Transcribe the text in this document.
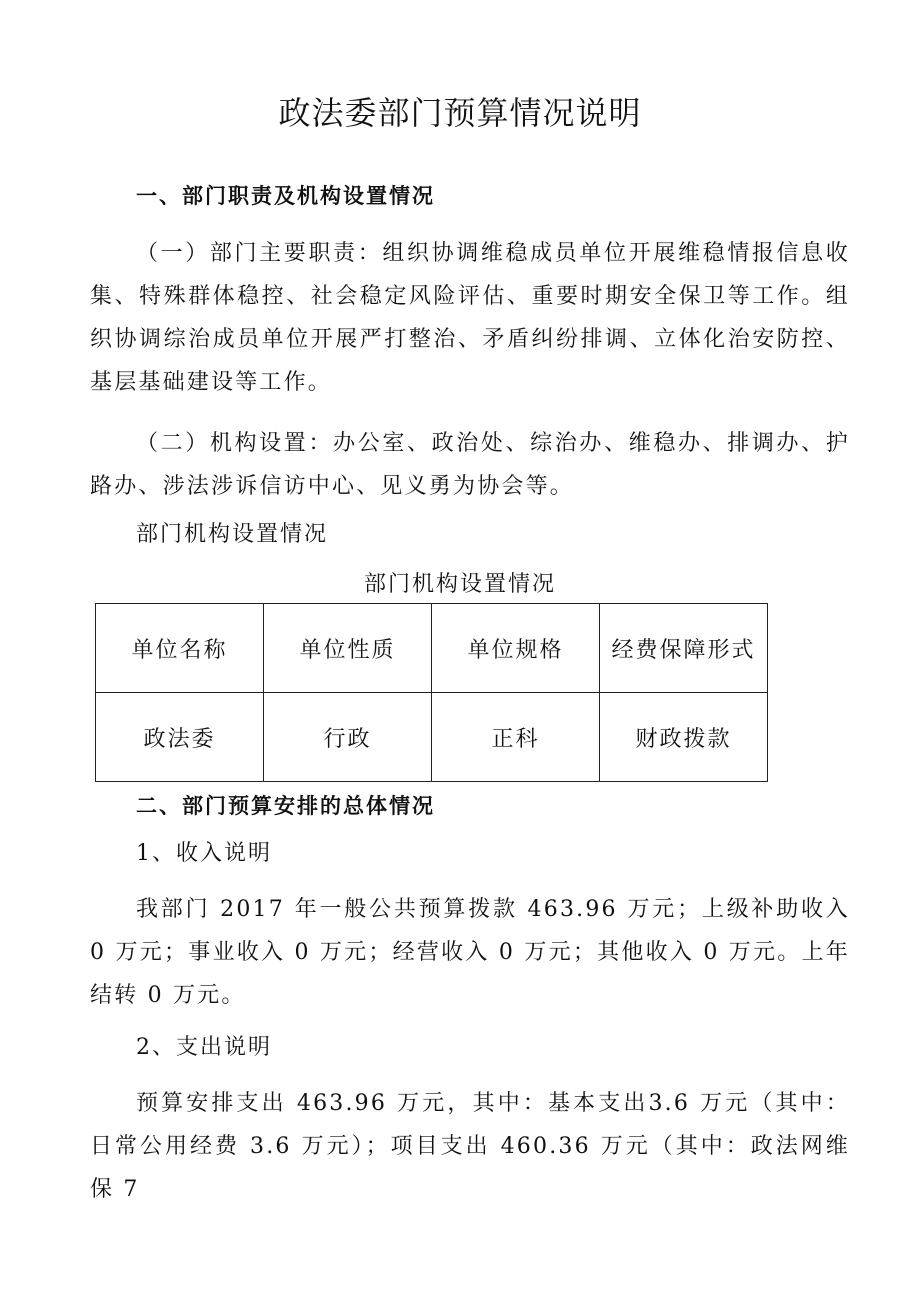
政法委部门预算情况说明
一、部门职责及机构设置情况
（一）部门主要职责：组织协调维稳成员单位开展维稳情报信息收集、特殊群体稳控、社会稳定风险评估、重要时期安全保卫等工作。组织协调综治成员单位开展严打整治、矛盾纠纷排调、立体化治安防控、基层基础建设等工作。
（二）机构设置：办公室、政治处、综治办、维稳办、排调办、护路办、涉法涉诉信访中心、见义勇为协会等。
部门机构设置情况
部门机构设置情况
单位名称	单位性质	单位规格	经费保障形式
政法委	行政	正科	财政拨款
二、部门预算安排的总体情况
1、收入说明
我部门 2017 年一般公共预算拨款 463.96 万元；上级补助收入 0 万元；事业收入 0 万元；经营收入 0 万元；其他收入 0 万元。上年结转 0 万元。
2、支出说明
预算安排支出 463.96 万元，其中：基本支出3.6 万元（其中：日常公用经费 3.6 万元）；项目支出 460.36 万元（其中：政法网维保 7
